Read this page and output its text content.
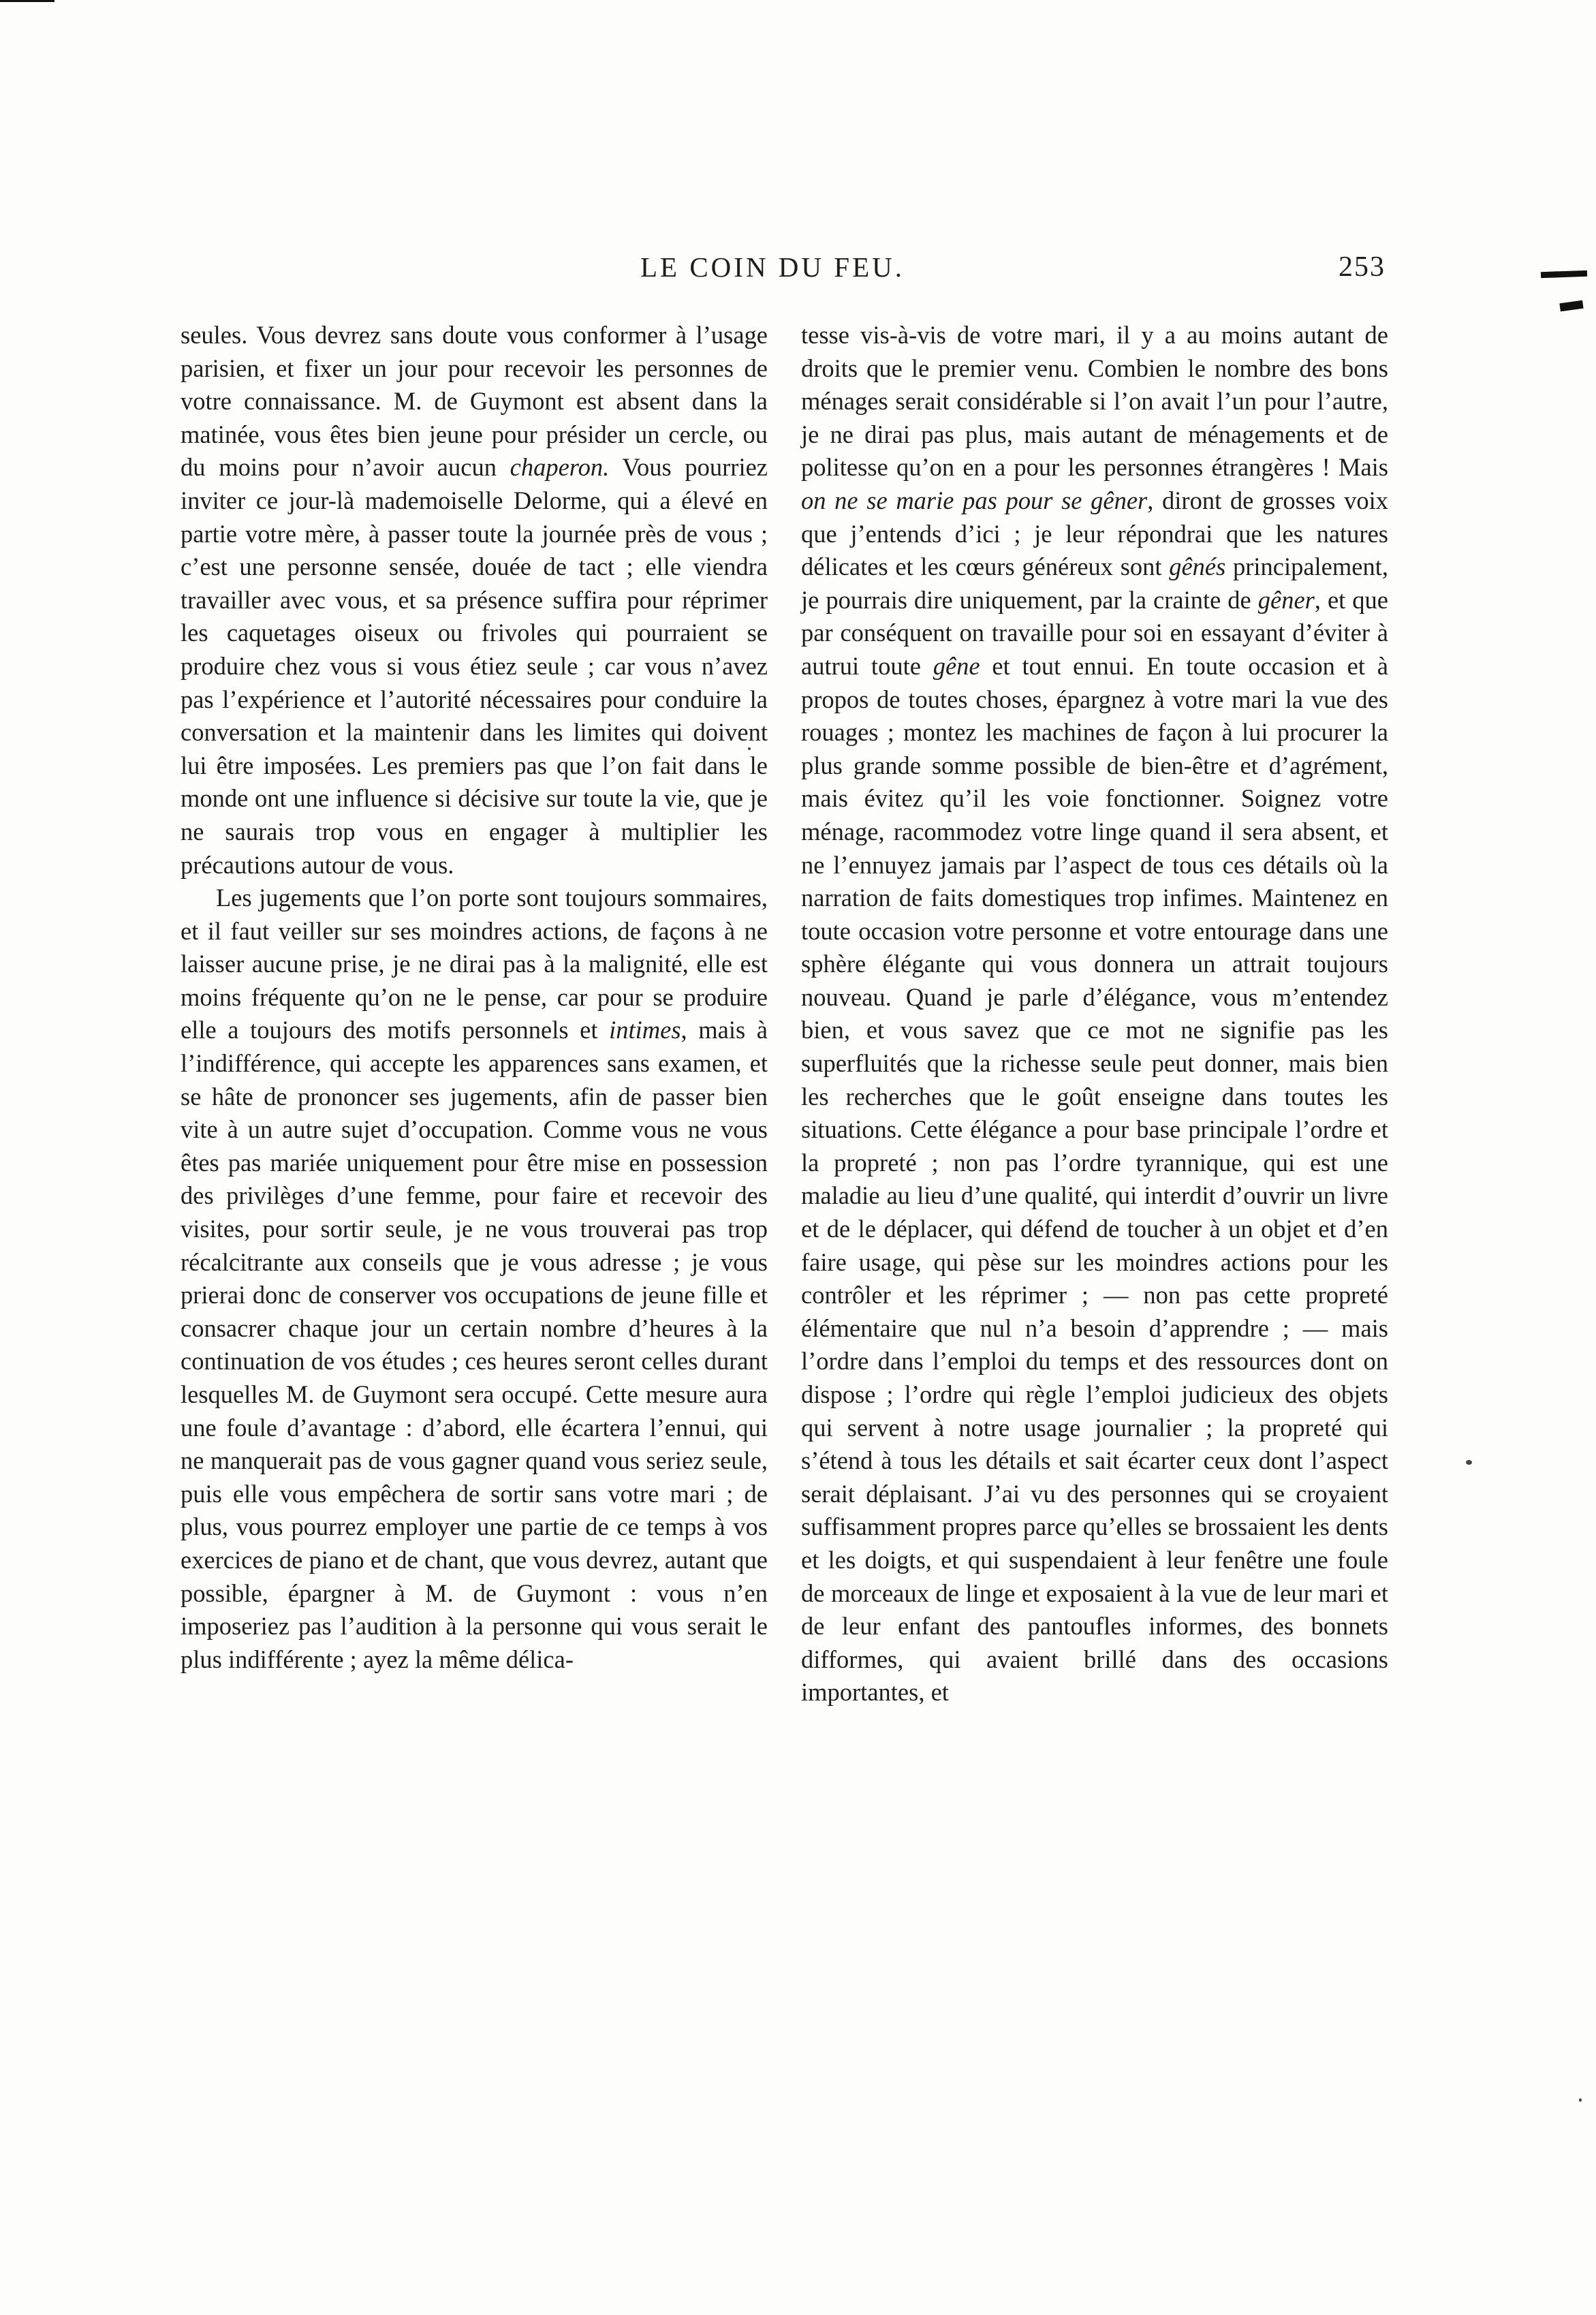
LE COIN DU FEU.	253

seules. Vous devrez sans doute vous conformer à l’usage parisien, et fixer un jour pour recevoir les personnes de votre connaissance. M. de Guymont est absent dans la matinée, vous êtes bien jeune pour présider un cercle, ou du moins pour n’avoir aucun chaperon. Vous pourriez inviter ce jour-là mademoiselle Delorme, qui a élevé en partie votre mère, à passer toute la journée près de vous ; c’est une personne sensée, douée de tact ; elle viendra travailler avec vous, et sa présence suffira pour réprimer les caquetages oiseux ou frivoles qui pourraient se produire chez vous si vous étiez seule ; car vous n’avez pas l’expérience et l’autorité nécessaires pour conduire la conversation et la maintenir dans les limites qui doivent lui être imposées. Les premiers pas que l’on fait dans le monde ont une influence si décisive sur toute la vie, que je ne saurais trop vous en engager à multiplier les précautions autour de vous.

Les jugements que l’on porte sont toujours sommaires, et il faut veiller sur ses moindres actions, de façons à ne laisser aucune prise, je ne dirai pas à la malignité, elle est moins fréquente qu’on ne le pense, car pour se produire elle a toujours des motifs personnels et intimes, mais à l’indifférence, qui accepte les apparences sans examen, et se hâte de prononcer ses jugements, afin de passer bien vite à un autre sujet d’occupation. Comme vous ne vous êtes pas mariée uniquement pour être mise en possession des privilèges d’une femme, pour faire et recevoir des visites, pour sortir seule, je ne vous trouverai pas trop récalcitrante aux conseils que je vous adresse ; je vous prierai donc de conserver vos occupations de jeune fille et consacrer chaque jour un certain nombre d’heures à la continuation de vos études ; ces heures seront celles durant lesquelles M. de Guymont sera occupé. Cette mesure aura une foule d’avantage : d’abord, elle écartera l’ennui, qui ne manquerait pas de vous gagner quand vous seriez seule, puis elle vous empêchera de sortir sans votre mari ; de plus, vous pourrez employer une partie de ce temps à vos exercices de piano et de chant, que vous devrez, autant que possible, épargner à M. de Guymont : vous n’en imposeriez pas l’audition à la personne qui vous serait le plus indifférente ; ayez la même délica-

tesse vis-à-vis de votre mari, il y a au moins autant de droits que le premier venu. Combien le nombre des bons ménages serait considérable si l’on avait l’un pour l’autre, je ne dirai pas plus, mais autant de ménagements et de politesse qu’on en a pour les personnes étrangères ! Mais on ne se marie pas pour se gêner, diront de grosses voix que j’entends d’ici ; je leur répondrai que les natures délicates et les cœurs généreux sont gênés principalement, je pourrais dire uniquement, par la crainte de gêner, et que par conséquent on travaille pour soi en essayant d’éviter à autrui toute gêne et tout ennui. En toute occasion et à propos de toutes choses, épargnez à votre mari la vue des rouages ; montez les machines de façon à lui procurer la plus grande somme possible de bien-être et d’agrément, mais évitez qu’il les voie fonctionner. Soignez votre ménage, racommodez votre linge quand il sera absent, et ne l’ennuyez jamais par l’aspect de tous ces détails où la narration de faits domestiques trop infimes. Maintenez en toute occasion votre personne et votre entourage dans une sphère élégante qui vous donnera un attrait toujours nouveau. Quand je parle d’élégance, vous m’entendez bien, et vous savez que ce mot ne signifie pas les superfluités que la richesse seule peut donner, mais bien les recherches que le goût enseigne dans toutes les situations. Cette élégance a pour base principale l’ordre et la propreté ; non pas l’ordre tyrannique, qui est une maladie au lieu d’une qualité, qui interdit d’ouvrir un livre et de le déplacer, qui défend de toucher à un objet et d’en faire usage, qui pèse sur les moindres actions pour les contrôler et les réprimer ; — non pas cette propreté élémentaire que nul n’a besoin d’apprendre ; — mais l’ordre dans l’emploi du temps et des ressources dont on dispose ; l’ordre qui règle l’emploi judicieux des objets qui servent à notre usage journalier ; la propreté qui s’étend à tous les détails et sait écarter ceux dont l’aspect serait déplaisant. J’ai vu des personnes qui se croyaient suffisamment propres parce qu’elles se brossaient les dents et les doigts, et qui suspendaient à leur fenêtre une foule de morceaux de linge et exposaient à la vue de leur mari et de leur enfant des pantoufles informes, des bonnets difformes, qui avaient brillé dans des occasions importantes, et
